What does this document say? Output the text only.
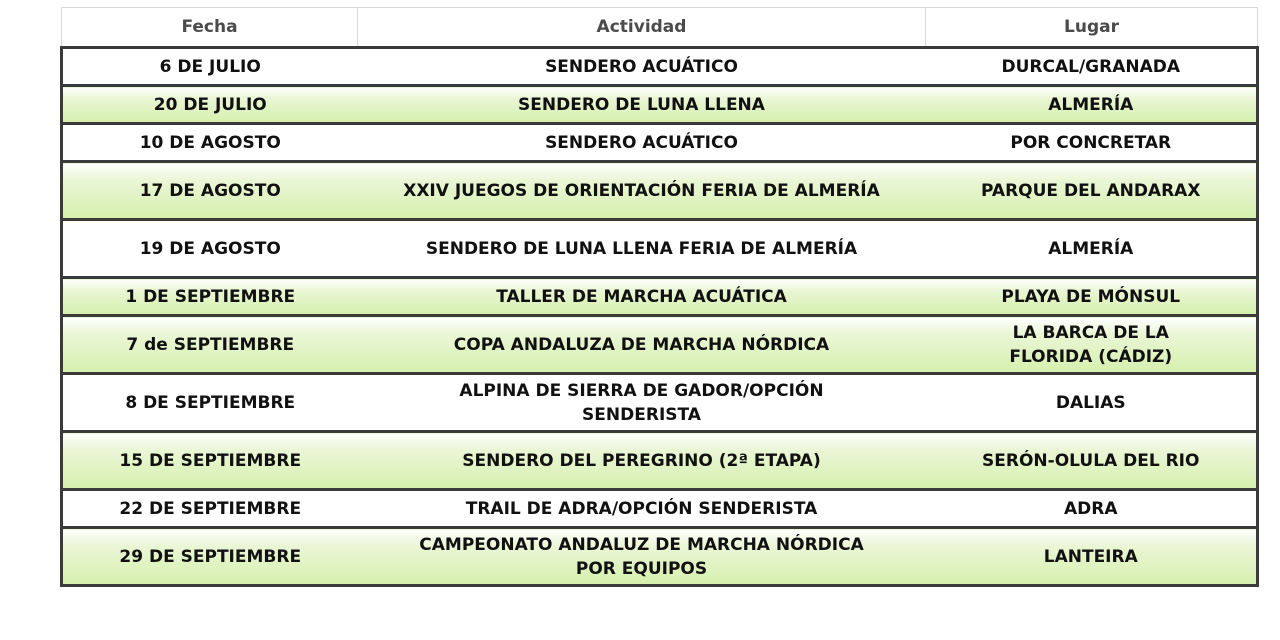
Fecha	Actividad	Lugar
6 DE JULIO	SENDERO ACUÁTICO	DURCAL/GRANADA
20 DE JULIO	SENDERO DE LUNA LLENA	ALMERÍA
10 DE AGOSTO	SENDERO ACUÁTICO	POR CONCRETAR
17 DE AGOSTO	XXIV JUEGOS DE ORIENTACIÓN FERIA DE ALMERÍA	PARQUE DEL ANDARAX
19 DE AGOSTO	SENDERO DE LUNA LLENA FERIA DE ALMERÍA	ALMERÍA
1 DE SEPTIEMBRE	TALLER DE MARCHA ACUÁTICA	PLAYA DE MÓNSUL
7 de SEPTIEMBRE	COPA ANDALUZA DE MARCHA NÓRDICA	LA BARCA DE LA FLORIDA (CÁDIZ)
8 DE SEPTIEMBRE	ALPINA DE SIERRA DE GADOR/OPCIÓN SENDERISTA	DALIAS
15 DE SEPTIEMBRE	SENDERO DEL PEREGRINO (2ª ETAPA)	SERÓN-OLULA DEL RIO
22 DE SEPTIEMBRE	TRAIL DE ADRA/OPCIÓN SENDERISTA	ADRA
29 DE SEPTIEMBRE	CAMPEONATO ANDALUZ DE MARCHA NÓRDICA POR EQUIPOS	LANTEIRA
